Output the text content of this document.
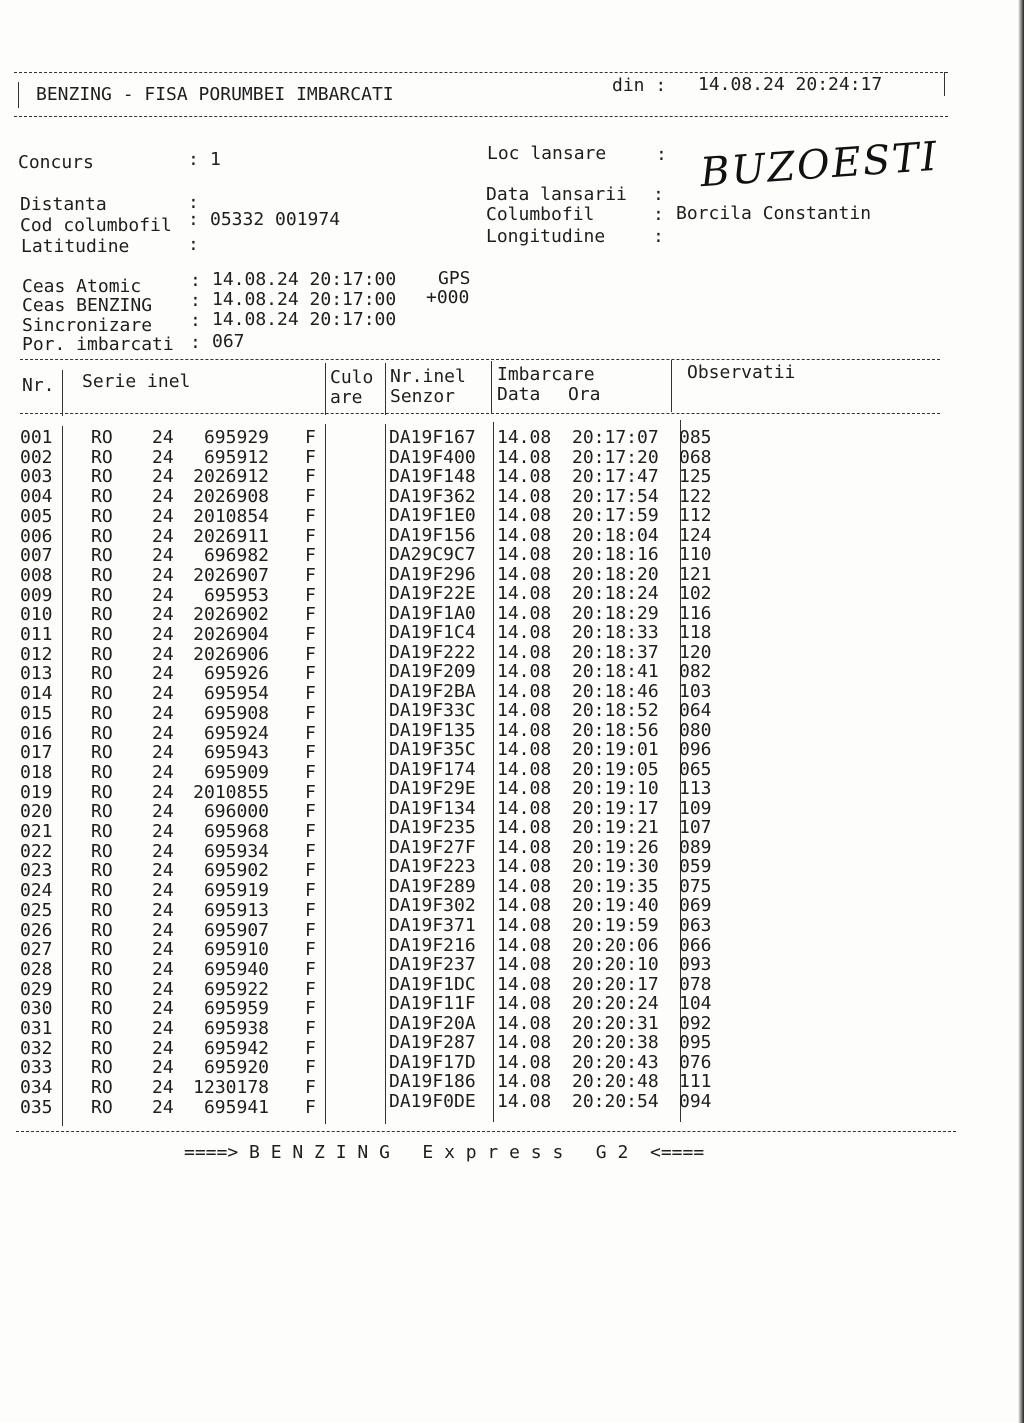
BENZING - FISA PORUMBEI IMBARCATI	din : 14.08.24 20:24:17
Concurs	: 1	Loc lansare	: BUZOESTI
Distanta	:	Data lansarii :
Cod columbofil : 05332 001974	Columbofil	: Borcila Constantin
Latitudine	:	Longitudine	:
Ceas Atomic	: 14.08.24 20:17:00 GPS
Ceas BENZING : 14.08.24 20:17:00 +000
Sincronizare : 14.08.24 20:17:00
Por. imbarcati : 067
Nr. Serie inel	Culo
are
Nr.inel
Senzor
Imbarcare
Data Ora
Observatii
001 RO 24 695929 F	DA19F167 14.08 20:17:07 085
002 RO 24 695912 F	DA19F400 14.08 20:17:20 068
003 RO 24 2026912 F	DA19F148 14.08 20:17:47 125
004 RO 24 2026908 F	DA19F362 14.08 20:17:54 122
005 RO 24 2010854 F	DA19F1E0 14.08 20:17:59 112
006 RO 24 2026911 F	DA19F156 14.08 20:18:04 124
007 RO 24 696982 F	DA29C9C7 14.08 20:18:16 110
008 RO 24 2026907 F	DA19F296 14.08 20:18:20 121
009 RO 24 695953 F	DA19F22E 14.08 20:18:24 102
010 RO 24 2026902 F	DA19F1A0 14.08 20:18:29 116
011 RO 24 2026904 F	DA19F1C4 14.08 20:18:33 118
012 RO 24 2026906 F	DA19F222 14.08 20:18:37 120
013 RO 24 695926 F	DA19F209 14.08 20:18:41 082
014 RO 24 695954 F	DA19F2BA 14.08 20:18:46 103
015 RO 24 695908 F	DA19F33C 14.08 20:18:52 064
016 RO 24 695924 F	DA19F135 14.08 20:18:56 080
017 RO 24 695943 F	DA19F35C 14.08 20:19:01 096
018 RO 24 695909 F	DA19F174 14.08 20:19:05 065
019 RO 24 2010855 F	DA19F29E 14.08 20:19:10 113
020 RO 24 696000 F	DA19F134 14.08 20:19:17 109
021 RO 24 695968 F	DA19F235 14.08 20:19:21 107
022 RO 24 695934 F	DA19F27F 14.08 20:19:26 089
023 RO 24 695902 F	DA19F223 14.08 20:19:30 059
024 RO 24 695919 F	DA19F289 14.08 20:19:35 075
025 RO 24 695913 F	DA19F302 14.08 20:19:40 069
026 RO 24 695907 F	DA19F371 14.08 20:19:59 063
027 RO 24 695910 F	DA19F216 14.08 20:20:06 066
028 RO 24 695940 F	DA19F237 14.08 20:20:10 093
029 RO 24 695922 F	DA19F1DC 14.08 20:20:17 078
030 RO 24 695959 F	DA19F11F 14.08 20:20:24 104
031 RO 24 695938 F	DA19F20A 14.08 20:20:31 092
032 RO 24 695942 F	DA19F287 14.08 20:20:38 095
033 RO 24 695920 F	DA19F17D 14.08 20:20:43 076
034 RO 24 1230178 F	DA19F186 14.08 20:20:48 111
035 RO 24 695941 F	DA19F0DE 14.08 20:20:54 094
====> B E N Z I N G   E x p r e s s   G 2  <====
